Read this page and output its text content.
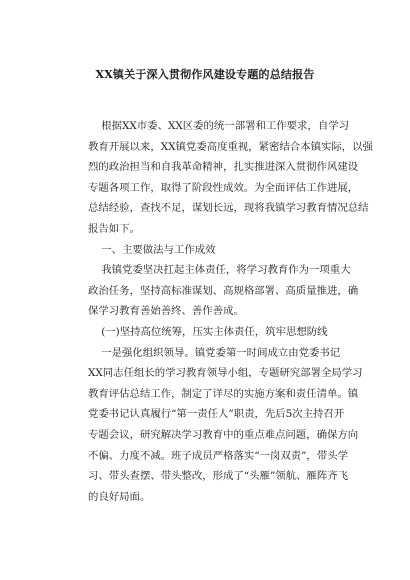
XX镇关于深入贯彻作风建设专题的总结报告
根据XX市委、XX区委的统一部署和工作要求，自学习
教育开展以来，XX镇党委高度重视，紧密结合本镇实际，以强
烈的政治担当和自我革命精神，扎实推进深入贯彻作风建设
专题各项工作，取得了阶段性成效。为全面评估工作进展，
总结经验，查找不足，谋划长远，现将我镇学习教育情况总结
报告如下。
一、主要做法与工作成效
我镇党委坚决扛起主体责任，将学习教育作为一项重大
政治任务，坚持高标准谋划、高规格部署、高质量推进，确
保学习教育善始善终、善作善成。
(一)坚持高位统筹，压实主体责任，筑牢思想防线
一是强化组织领导。镇党委第一时间成立由党委书记
XX同志任组长的学习教育领导小组，专题研究部署全局学习
教育评估总结工作，制定了详尽的实施方案和责任清单。镇
党委书记认真履行“第一责任人”职责，先后5次主持召开
专题会议，研究解决学习教育中的重点难点问题，确保方向
不偏、力度不减。班子成员严格落实“一岗双责”，带头学
习、带头查摆、带头整改，形成了“头雁”领航、雁阵齐飞
的良好局面。
